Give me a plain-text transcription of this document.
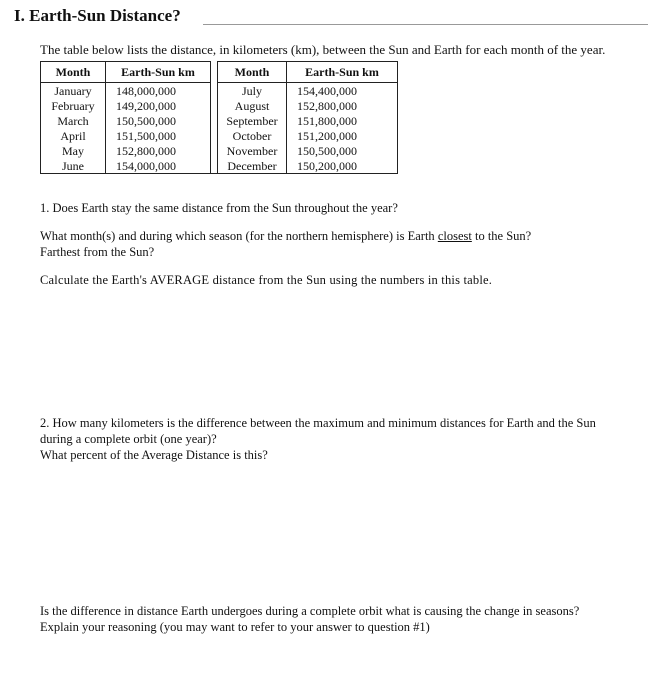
I. Earth-Sun Distance?
The table below lists the distance, in kilometers (km), between the Sun and Earth for each month of the year.
Month	Earth-Sun km		Month	Earth-Sun km
January	148,000,000		July	154,400,000
February	149,200,000		August	152,800,000
March	150,500,000		September	151,800,000
April	151,500,000		October	151,200,000
May	152,800,000		November	150,500,000
June	154,000,000		December	150,200,000
1. Does Earth stay the same distance from the Sun throughout the year?
What month(s) and during which season (for the northern hemisphere) is Earth closest to the Sun?
Farthest from the Sun?
Calculate the Earth's AVERAGE distance from the Sun using the numbers in this table.
2. How many kilometers is the difference between the maximum and minimum distances for Earth and the Sun
during a complete orbit (one year)?
What percent of the Average Distance is this?
Is the difference in distance Earth undergoes during a complete orbit what is causing the change in seasons?
Explain your reasoning (you may want to refer to your answer to question #1)
